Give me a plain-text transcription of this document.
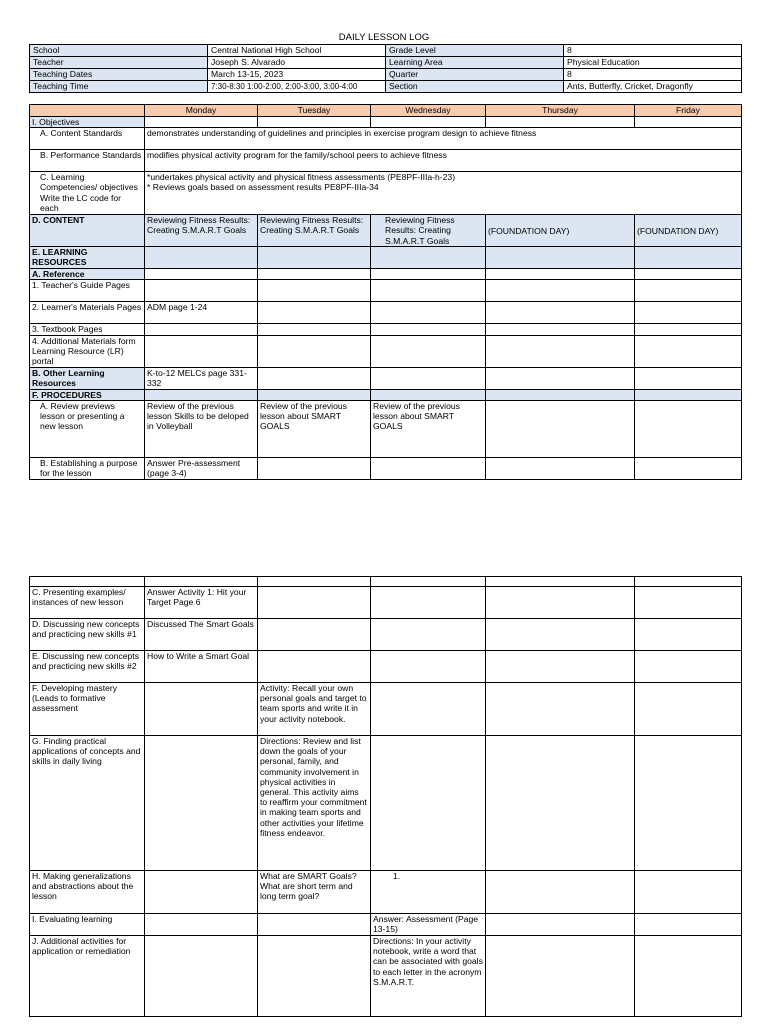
DAILY LESSON LOG
School	Central National High School	Grade Level	8
Teacher	Joseph S. Alvarado	Learning Area	Physical Education
Teaching Dates	March 13-15, 2023	Quarter	8
Teaching Time	7:30-8:30 1:00-2:00, 2:00-3:00, 3:00-4:00	Section	Ants, Butterfly, Cricket, Dragonfly
	Monday	Tuesday	Wednesday	Thursday	Friday
I. Objectives					
A. Content Standards	demonstrates understanding of guidelines and principles in exercise program design to achieve fitness				
B. Performance Standards	modifies physical activity program for the family/school peers to achieve fitness				
C. Learning Competencies/ objectives Write the LC code for each	*undertakes physical activity and physical fitness assessments (PE8PF-IIIa-h-23)
* Reviews goals based on assessment results PE8PF-IIIa-34				

D. CONTENT	Reviewing Fitness Results: Creating S.M.A.R.T Goals	Reviewing Fitness Results: Creating S.M.A.R.T Goals	Reviewing Fitness Results: Creating S.M.A.R.T Goals	(FOUNDATION DAY)	(FOUNDATION DAY)
E. LEARNING RESOURCES					
A. Reference					
1. Teacher's Guide Pages					
2. Learner's Materials Pages	ADM page 1-24				
3. Textbook Pages					
4. Additional Materials form Learning Resource (LR) portal					
B. Other Learning Resources	K-to-12 MELCs page 331-332				
F. PROCEDURES					
A. Review previews lesson or presenting a new lesson	Review of the previous lesson Skills to be deloped in Volleyball	Review of the previous lesson about SMART GOALS	Review of the previous lesson about SMART GOALS		
B. Establishing a purpose for the lesson	Answer Pre-assessment (page 3-4)				

C. Presenting examples/ instances of new lesson	Answer Activity 1: Hit your Target Page 6				
D. Discussing new concepts and practicing new skills #1	Discussed The Smart Goals				
E. Discussing new concepts and practicing new skills #2	How to Write a Smart Goal				
F. Developing mastery (Leads to formative assessment		Activity: Recall your own personal goals and target to team sports and write it in your activity notebook.			
G. Finding practical applications of concepts and skills in daily living		Directions: Review and list down the goals of your personal, family, and community involvement in physical activities in general. This activity aims to reaffirm your commitment in making team sports and other activities your lifetime fitness endeavor.			
H. Making generalizations and abstractions about the lesson		What are SMART Goals? What are short term and long term goal?	1.		
I. Evaluating learning			Answer: Assessment (Page 13-15)		
J. Additional activities for application or remediation			Directions: In your activity notebook, write a word that can be associated with goals to each letter in the acronym S.M.A.R.T.		
